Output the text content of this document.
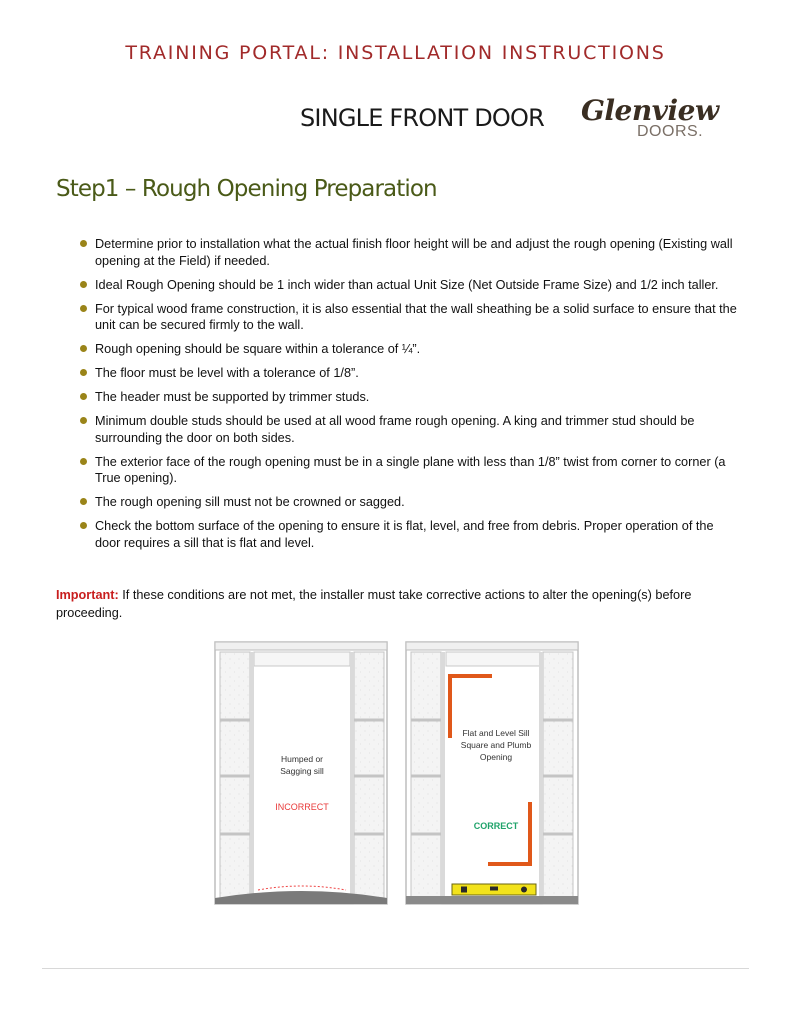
TRAINING PORTAL: INSTALLATION INSTRUCTIONS
SINGLE FRONT DOOR Glenview
DOORS.
Step1 – Rough Opening Preparation
Determine prior to installation what the actual finish floor height will be and adjust the rough opening (Existing wall opening at the Field) if needed.
Ideal Rough Opening should be 1 inch wider than actual Unit Size (Net Outside Frame Size) and 1/2 inch taller.
For typical wood frame construction, it is also essential that the wall sheathing be a solid surface to ensure that the unit can be secured firmly to the wall.
Rough opening should be square within a tolerance of ¼”.
The floor must be level with a tolerance of 1/8”.
The header must be supported by trimmer studs.
Minimum double studs should be used at all wood frame rough opening. A king and trimmer stud should be surrounding the door on both sides.
The exterior face of the rough opening must be in a single plane with less than 1/8” twist from corner to corner (a True opening).
The rough opening sill must not be crowned or sagged.
Check the bottom surface of the opening to ensure it is flat, level, and free from debris. Proper operation of the door requires a sill that is flat and level.
Important: If these conditions are not met, the installer must take corrective actions to alter the opening(s) before proceeding.
Humped or
Sagging sill
INCORRECT
Flat and Level Sill
Square and Plumb
Opening
CORRECT
